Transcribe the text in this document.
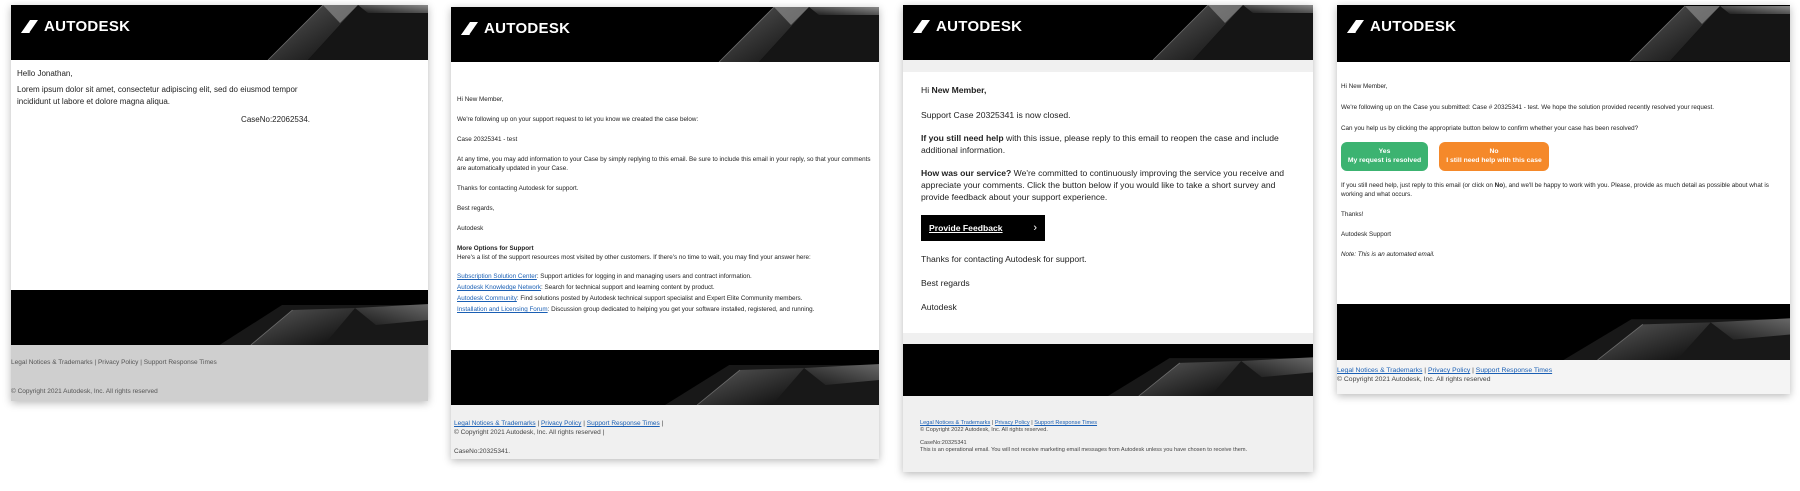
AUTODESK

Hello Jonathan,

Lorem ipsum dolor sit amet, consectetur adipiscing elit, sed do eiusmod tempor incididunt ut labore et dolore magna aliqua.

CaseNo:22062534.

Legal Notices & Trademarks | Privacy Policy | Support Response Times

© Copyright 2021 Autodesk, Inc. All rights reserved

AUTODESK

Hi New Member,

We're following up on your support request to let you know we created the case below:

Case 20325341 - test

At any time, you may add information to your Case by simply replying to this email. Be sure to include this email in your reply, so that your comments are automatically updated in your Case.

Thanks for contacting Autodesk for support.

Best regards,

Autodesk

More Options for Support

Here's a list of the support resources most visited by other customers. If there's no time to wait, you may find your answer here:

Subscription Solution Center: Support articles for logging in and managing users and contract information.

Autodesk Knowledge Network: Search for technical support and learning content by product.

Autodesk Community: Find solutions posted by Autodesk technical support specialist and Expert Elite Community members.

Installation and Licensing Forum: Discussion group dedicated to helping you get your software installed, registered, and running.

Legal Notices & Trademarks | Privacy Policy | Support Response Times |

© Copyright 2021 Autodesk, Inc. All rights reserved |

CaseNo:20325341.

AUTODESK

Hi New Member,

Support Case 20325341 is now closed.

If you still need help with this issue, please reply to this email to reopen the case and include additional information.

How was our service? We're committed to continuously improving the service you receive and appreciate your comments. Click the button below if you would like to take a short survey and provide feedback about your support experience.

Provide Feedback	›

Thanks for contacting Autodesk for support.

Best regards

Autodesk

Legal Notices & Trademarks | Privacy Policy | Support Response Times

© Copyright 2022 Autodesk, Inc. All rights reserved.

CaseNo:20325341

This is an operational email. You will not receive marketing email messages from Autodesk unless you have chosen to receive them.

AUTODESK

Hi New Member,

We're following up on the Case you submitted: Case # 20325341 - test. We hope the solution provided recently resolved your request.

Can you help us by clicking the appropriate button below to confirm whether your case has been resolved?

Yes
My request is resolved
No
I still need help with this case

If you still need help, just reply to this email (or click on No), and we'll be happy to work with you. Please, provide as much detail as possible about what is working and what occurs.

Thanks!

Autodesk Support

Note: This is an automated email.

Legal Notices & Trademarks | Privacy Policy | Support Response Times

© Copyright 2021 Autodesk, Inc. All rights reserved
